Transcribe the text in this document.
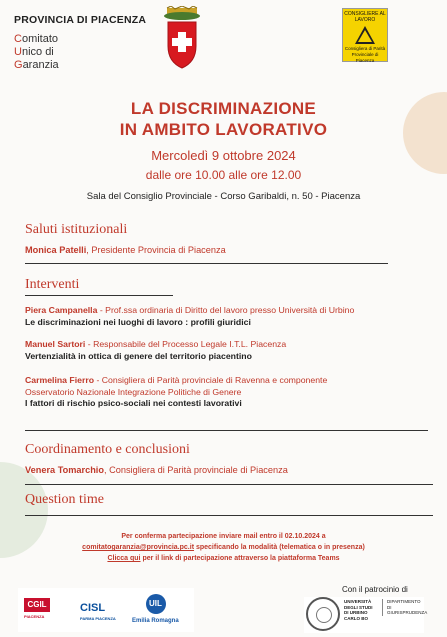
PROVINCIA DI PIACENZA
Comitato
Unico di
Garanzia
CONSIGLIERE AL LAVORO
Consigliera di Parità Provinciale di Piacenza
LA DISCRIMINAZIONE
IN AMBITO LAVORATIVO
Mercoledì 9 ottobre 2024
dalle ore 10.00 alle ore 12.00
Sala del Consiglio Provinciale - Corso Garibaldi, n. 50 - Piacenza
Saluti istituzionali
Monica Patelli, Presidente Provincia di Piacenza
Interventi
Piera Campanella - Prof.ssa ordinaria di Diritto del lavoro presso Università di Urbino
Le discriminazioni nei luoghi di lavoro : profili giuridici
Manuel Sartori - Responsabile del Processo Legale I.T.L. Piacenza
Vertenzialità in ottica di genere del territorio piacentino
Carmelina Fierro - Consigliera di Parità provinciale di Ravenna e componente
Osservatorio Nazionale Integrazione Politiche di Genere
I fattori di rischio psico-sociali nei contesti lavorativi
Coordinamento e conclusioni
Venera Tomarchio, Consigliera di Parità provinciale di Piacenza
Question time
Per conferma partecipazione inviare mail entro il 02.10.2024 a
comitatogaranzia@provincia.pc.it specificando la modalità (telematica o in presenza)
Clicca qui per il link di partecipazione attraverso la piattaforma Teams
Con il patrocinio di
CGIL
PIACENZA
CISL
PARMA PIACENZA
UIL
Emilia Romagna
UNIVERSITÀ
DEGLI STUDI
DI URBINO
CARLO BO
DIPARTIMENTO
DI
GIURISPRUDENZA
